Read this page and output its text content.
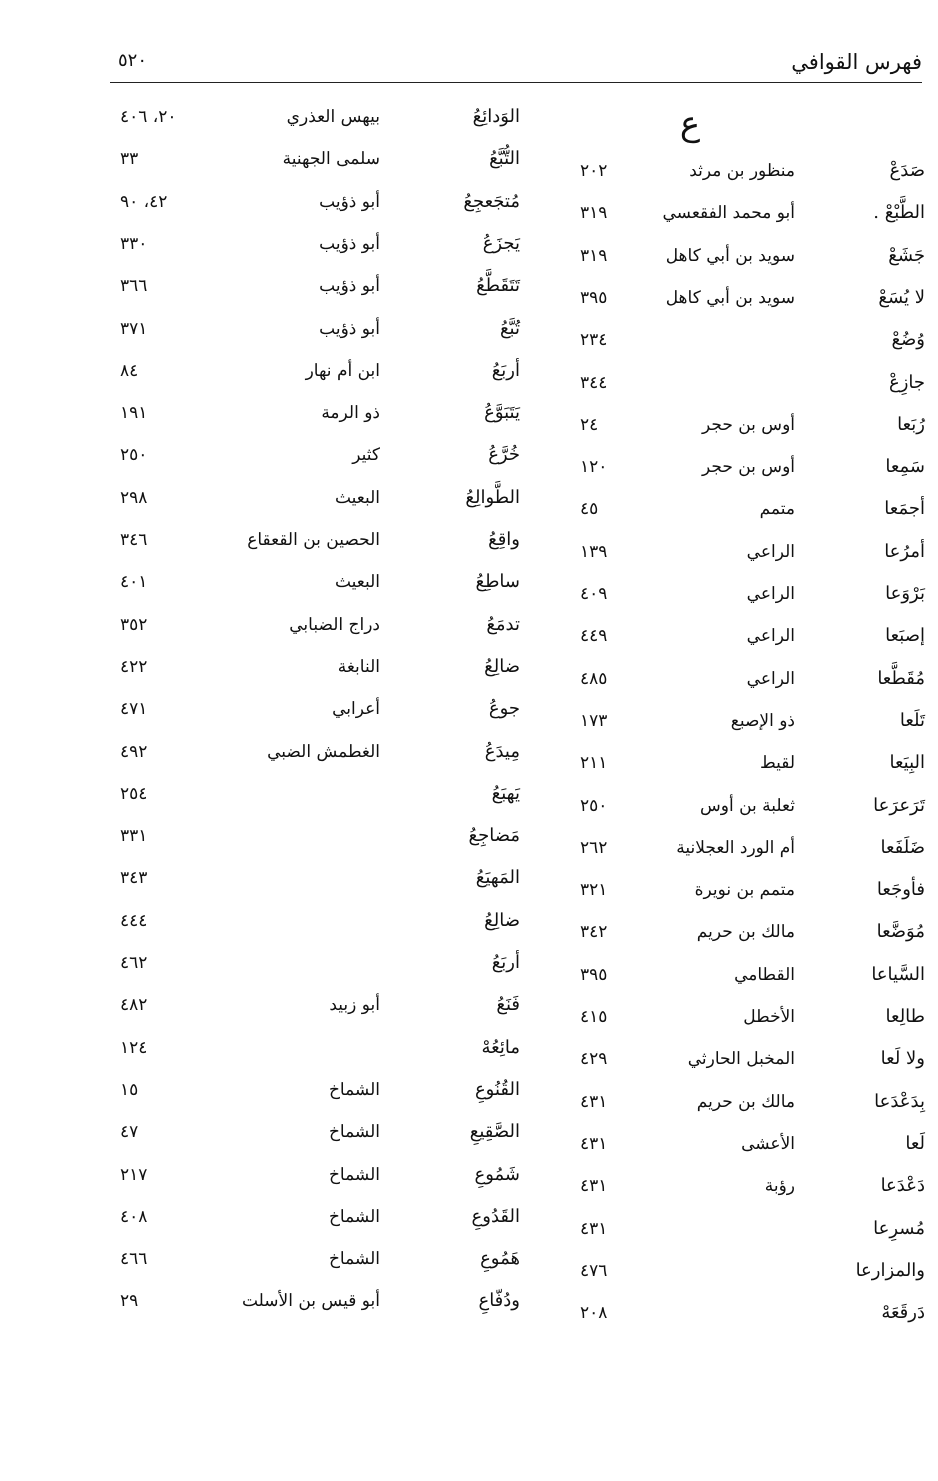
فهرس القوافي
٥٢٠
ع
صَدَعْ
منظور بن مرثد
٢٠٢
الطَّبْعْ .
أبو محمد الفقعسي
٣١٩
جَشَعْ
سويد بن أبي كاهل
٣١٩
لا يُسَعْ
سويد بن أبي كاهل
٣٩٥
وُضُعْ
٢٣٤
جازِعْ
٣٤٤
رُبَعا
أوس بن حجر
٢٤
سَمِعا
أوس بن حجر
١٢٠
أجمَعا
متمم
٤٥
أمرُعا
الراعي
١٣٩
بَرْوَعا
الراعي
٤٠٩
إصبَعا
الراعي
٤٤٩
مُقَطَّعا
الراعي
٤٨٥
تَلَعا
ذو الإصبع
١٧٣
البِيَعا
لقيط
٢١١
تَرَعرَعا
ثعلبة بن أوس
٢٥٠
ضَلَفَعا
أم الورد العجلانية
٢٦٢
فأوجَعا
متمم بن نويرة
٣٢١
مُوَضَّعا
مالك بن حريم
٣٤٢
السَّياعا
القطامي
٣٩٥
طالِعا
الأخطل
٤١٥
ولا لَعا
المخبل الحارثي
٤٢٩
بِدَعْدَعا
مالك بن حريم
٤٣١
لَعا
الأعشى
٤٣١
دَعْدَعا
رؤبة
٤٣١
مُسرِعا
٤٣١
والمزارعا
٤٧٦
دَرقَعَهْ
٢٠٨
الوَدائِعُ
بيهس العذري
٢٠، ٤٠٦
التُّبَّعُ
سلمى الجهنية
٣٣
مُتجَعجِعُ
أبو ذؤيب
٤٢، ٩٠
يَجزَعُ
أبو ذؤيب
٣٣٠
تَتَقَطَّعُ
أبو ذؤيب
٣٦٦
تُبَّعُ
أبو ذؤيب
٣٧١
أربَعُ
ابن أم نهار
٨٤
يَتَبَوَّعُ
ذو الرمة
١٩١
خُرَّعُ
كثير
٢٥٠
الطَّوالِعُ
البعيث
٢٩٨
واقِعُ
الحصين بن القعقاع
٣٤٦
ساطِعُ
البعيث
٤٠١
تدمَعُ
دراج الضبابي
٣٥٢
ضالِعُ
النابغة
٤٢٢
جوعُ
أعرابي
٤٧١
مِيدَعُ
الغطمش الضبي
٤٩٢
يَهبَعُ
٢٥٤
مَضاجِعُ
٣٣١
المَهيَعُ
٣٤٣
ضالِعُ
٤٤٤
أربَعُ
٤٦٢
فَنَعُ
أبو زبيد
٤٨٢
مائِعُهْ
١٢٤
القُنُوعِ
الشماخ
١٥
الصَّقِيعِ
الشماخ
٤٧
شَمُوعِ
الشماخ
٢١٧
القَدُوعِ
الشماخ
٤٠٨
هَمُوعِ
الشماخ
٤٦٦
ودُفّاعِ
أبو قيس بن الأسلت
٢٩
